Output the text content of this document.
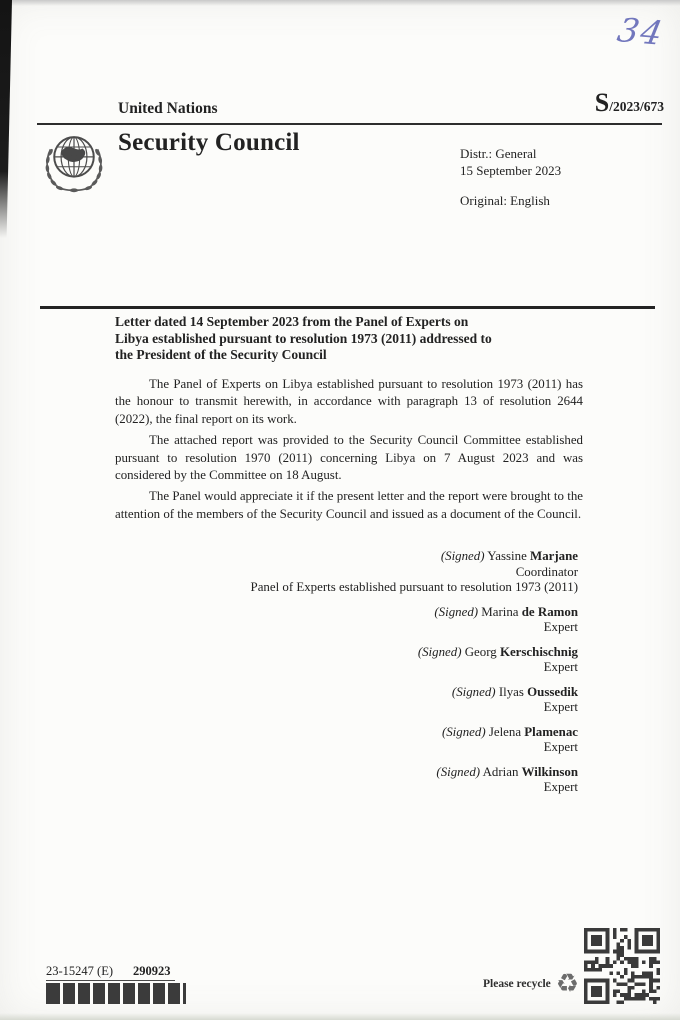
34
United Nations	S/2023/673
Security Council	Distr.: General
15 September 2023
Original: English
Letter dated 14 September 2023 from the Panel of Experts on
Libya established pursuant to resolution 1973 (2011) addressed to
the President of the Security Council

The Panel of Experts on Libya established pursuant to resolution 1973 (2011) has the honour to transmit herewith, in accordance with paragraph 13 of resolution 2644 (2022), the final report on its work.

The attached report was provided to the Security Council Committee established pursuant to resolution 1970 (2011) concerning Libya on 7 August 2023 and was considered by the Committee on 18 August.

The Panel would appreciate it if the present letter and the report were brought to the attention of the members of the Security Council and issued as a document of the Council.

(Signed) Yassine Marjane
Coordinator
Panel of Experts established pursuant to resolution 1973 (2011)
(Signed) Marina de Ramon
Expert
(Signed) Georg Kerschischnig
Expert
(Signed) Ilyas Oussedik
Expert
(Signed) Jelena Plamenac
Expert
(Signed) Adrian Wilkinson
Expert
23-15247 (E) 290923
Please recycle ♻
